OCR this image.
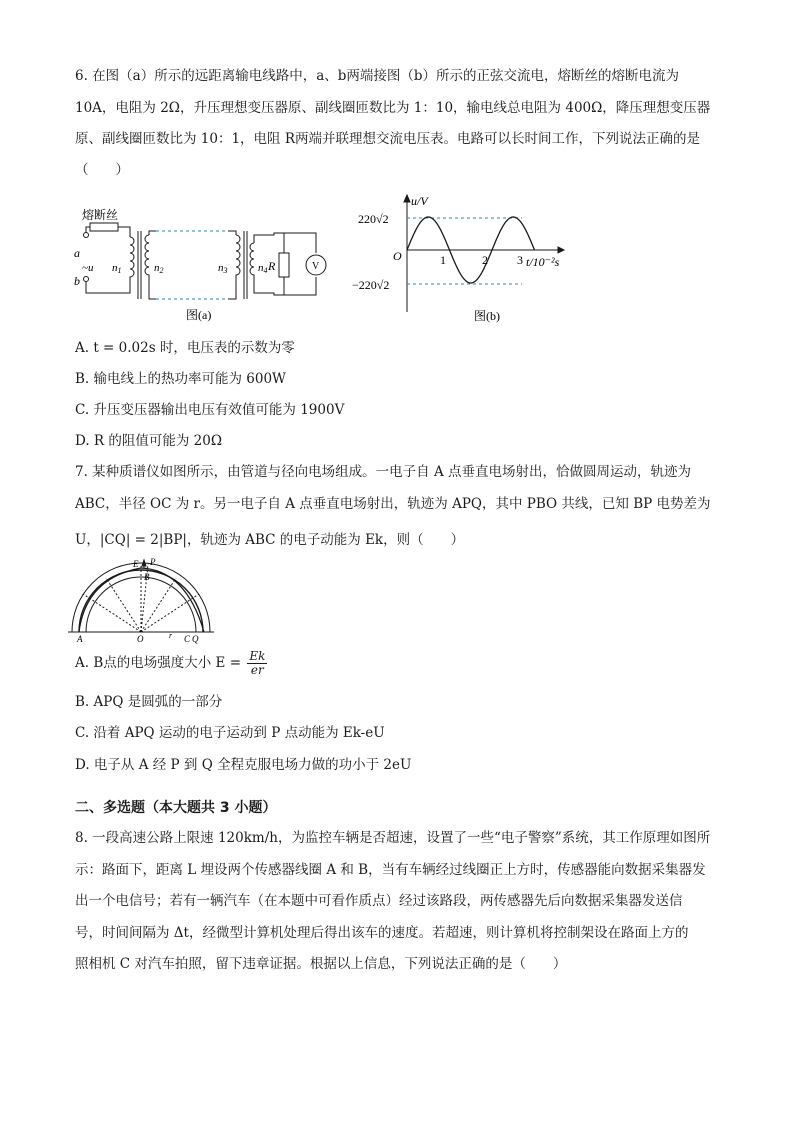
6. 在图（a）所示的远距离输电线路中，a、b两端接图（b）所示的正弦交流电，熔断丝的熔断电流为
10A，电阻为 2Ω，升压理想变压器原、副线圈匝数比为 1：10，输电线总电阻为 400Ω，降压理想变压器
原、副线圈匝数比为 10：1，电阻 R两端并联理想交流电压表。电路可以长时间工作，下列说法正确的是
（　　）
熔断丝
a
b
~u n1	n2	n3	n4 R	V
图(a)
u/V
t/10⁻²s
O
220√2
−220√2
1	2 3
图(b)
A. t = 0.02s 时，电压表的示数为零
B. 输电线上的热功率可能为 600W
C. 升压变压器输出电压有效值可能为 1900V
D. R 的阻值可能为 20Ω
7. 某种质谱仪如图所示，由管道与径向电场组成。一电子自 A 点垂直电场射出，恰做圆周运动，轨迹为
ABC，半径 OC 为 r。另一电子自 A 点垂直电场射出，轨迹为 APQ，其中 PBO 共线，已知 BP 电势差为
U，|CQ| = 2|BP|，轨迹为 ABC 的电子动能为 Ek，则（　　）
E P
B
A	O	r C Q
A. B点的电场强度大小 $E = \frac{Ek}{er}$
B. APQ 是圆弧的一部分
C. 沿着 APQ 运动的电子运动到 P 点动能为 Ek-eU
D. 电子从 A 经 P 到 Q 全程克服电场力做的功小于 2eU
二、多选题（本大题共 3 小题）
8. 一段高速公路上限速 120km/h，为监控车辆是否超速，设置了一些“电子警察”系统，其工作原理如图所
示：路面下，距离 L 埋设两个传感器线圈 A 和 B，当有车辆经过线圈正上方时，传感器能向数据采集器发
出一个电信号；若有一辆汽车（在本题中可看作质点）经过该路段，两传感器先后向数据采集器发送信
号，时间间隔为 Δt，经微型计算机处理后得出该车的速度。若超速，则计算机将控制架设在路面上方的
照相机 C 对汽车拍照，留下违章证据。根据以上信息，下列说法正确的是（　　）
